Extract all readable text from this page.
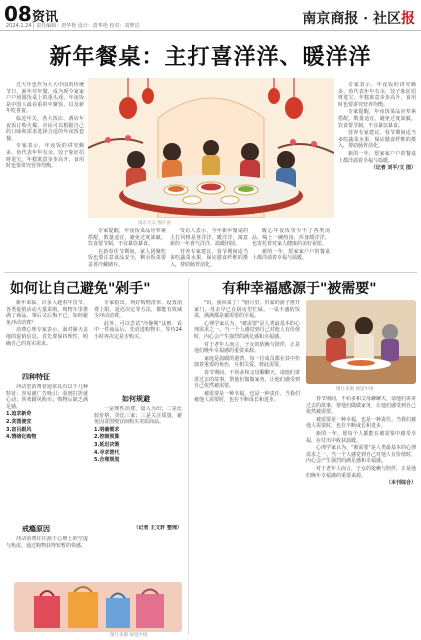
08 资讯
2024.1.24 | 责任编辑：唐华艳 设计：唐华艳 校对：刘梦洁	南京商报 · 社区报
新年餐桌：主打喜洋洋、暖洋洋

过大年也作为大大中国的传统节日，新年对年餐，成为现今家家户户团圆饭桌上的重头戏，年夜饭是中国人最看重的年聚饭，以及新年吃喜宴。

临近年关，各大饭店、酒店年夜饭订购火爆，市民可以根据自己的口味和需求选择合适的年夜饭套餐。

专家表示，年夜饭的讲究颇多，鱼代表年年有余，饺子象征招财进宝，年糕寓意步步高升，食用时也要讲究营养均衡。

南京大众 图片由

专家提醒，年夜饭菜品应荤素搭配、数量适宜，避免过度油腻。饮食要节制，不宜暴饮暴食。

在新春佳节期间，家人团聚吃饭也要注意食品安全，剩余饭菜要妥善冷藏储存。

受访人表示，今年新年餐桌的主打风格是喜洋洋、暖洋洋，寓意新的一年喜气洋洋、温暖团圆。

营养专家建议，春节期间适当多吃蔬菜水果，保证膳食纤维的摄入，帮助肠胃消化。

暖心年夜饭里少不了各类汤品，喝上一碗热汤，浑身暖洋洋，也寄托着对家人健康的美好祝愿。

新的一年，愿家家户户的餐桌上都洋溢着幸福与温暖。

专家表示，年夜饭的讲究颇多，鱼代表年年有余，饺子象征招财进宝，年糕寓意步步高升，食用时也要讲究营养均衡。

专家提醒，年夜饭菜品应荤素搭配、数量适宜，避免过度油腻。饮食要节制，不宜暴饮暴食。

营养专家建议，春节期间适当多吃蔬菜水果，保证膳食纤维的摄入，帮助肠胃消化。

新的一年，愿家家户户的餐桌上都洋溢着幸福与温暖。

（记者 刘平/文 图）

如何让自己避免"剁手"

新年来临，许多人趁着年货节、各类促销活动大量采购，购物车里堆满了商品，事后又后悔不已，如何避免冲动消费？

消费心理专家表示，面对铺天盖地的促销信息，首先要保持理性，明确自己的真实需求。

四种特征

冲动型消费者通常具有以下几种特征：容易被广告吸引；看到打折就心动；喜欢跟风购买；购物后缺乏满足感。

1.追求新奇

2.贪图便宜

3.盲目跟风

4.情绪化购物

戒瘾原因

冲动消费往往源于心理上的空虚与焦虑，通过购物获得短暂的快感。

专家指出，列好购物清单、设置消费上限、延迟决定等方法，都能有效减少冲动消费。

此外，可以尝试"冷静期"法则：看中一件商品后，先放进购物车，等待24小时再决定是否购买。

如何规避

一是理性消费，量入为出；二是比较价格，货比三家；三是关注质量，避免因贪图便宜而购买劣质商品。

1.明确需求

2.控制预算

3.延迟决策

4.寻求替代

5.合理规划

（记者 王文轩 整理）

图片来源 视觉中国
有种幸福感源于"被需要"

"妈，我回来了！"腊月里，归家的游子推开家门，母亲早已在厨房里忙碌。一桌丰盛的饭菜，满满都是被需要的幸福。

心理学家认为，"被需要"是人类最基本的心理需求之一。当一个人感觉到自己对他人有价值时，内心会产生强烈的满足感和幸福感。

对于老年人而言，子女的依赖与陪伴，正是他们晚年幸福感的重要来源。

家庭是温暖的港湾，每一位成员都在其中扮演着重要的角色，互相关爱、彼此需要。

春节期间，不妨多和父母聊聊天，请他们讲讲过去的故事，帮他们做做家务，让他们感受到自己依然被需要。

被需要是一种幸福，也是一种责任。当我们被他人需要时，也在不断成长和进步。

图片来源 视觉中国

春节期间，不妨多和父母聊聊天，请他们讲讲过去的故事，帮他们做做家务，让他们感受到自己依然被需要。

被需要是一种幸福，也是一种责任。当我们被他人需要时，也在不断成长和进步。

新的一年，愿每个人都能在被需要中感受幸福，在付出中收获温暖。

心理学家认为，"被需要"是人类最基本的心理需求之一。当一个人感觉到自己对他人有价值时，内心会产生强烈的满足感和幸福感。

对于老年人而言，子女的依赖与陪伴，正是他们晚年幸福感的重要来源。

（本刊综合）
